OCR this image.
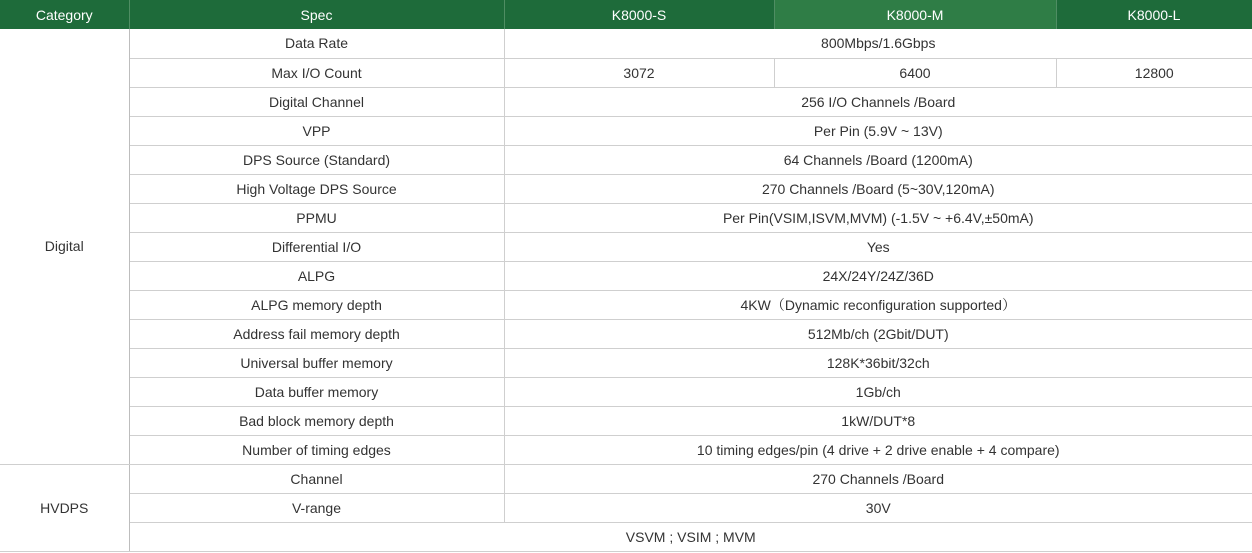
Category	Spec	K8000-S	K8000-M	K8000-L
Digital	Data Rate	800Mbps/1.6Gbps		
	Max I/O Count	3072	6400	12800
	Digital Channel	256 I/O Channels /Board		
	VPP	Per Pin (5.9V ~ 13V)		
	DPS Source (Standard)	64 Channels /Board (1200mA)		
	High Voltage DPS Source	270 Channels /Board (5~30V,120mA)		
	PPMU	Per Pin(VSIM,ISVM,MVM) (-1.5V ~ +6.4V,±50mA)		
	Differential I/O	Yes		
	ALPG	24X/24Y/24Z/36D		
	ALPG memory depth	4KW（Dynamic reconfiguration supported）		
	Address fail memory depth	512Mb/ch (2Gbit/DUT)		
	Universal buffer memory	128K*36bit/32ch		
	Data buffer memory	1Gb/ch		
	Bad block memory depth	1kW/DUT*8		
	Number of timing edges	10 timing edges/pin (4 drive + 2 drive enable + 4 compare)		
HVDPS	Channel	270 Channels /Board		
	V-range	30V		
	VSVM ; VSIM ; MVM			
